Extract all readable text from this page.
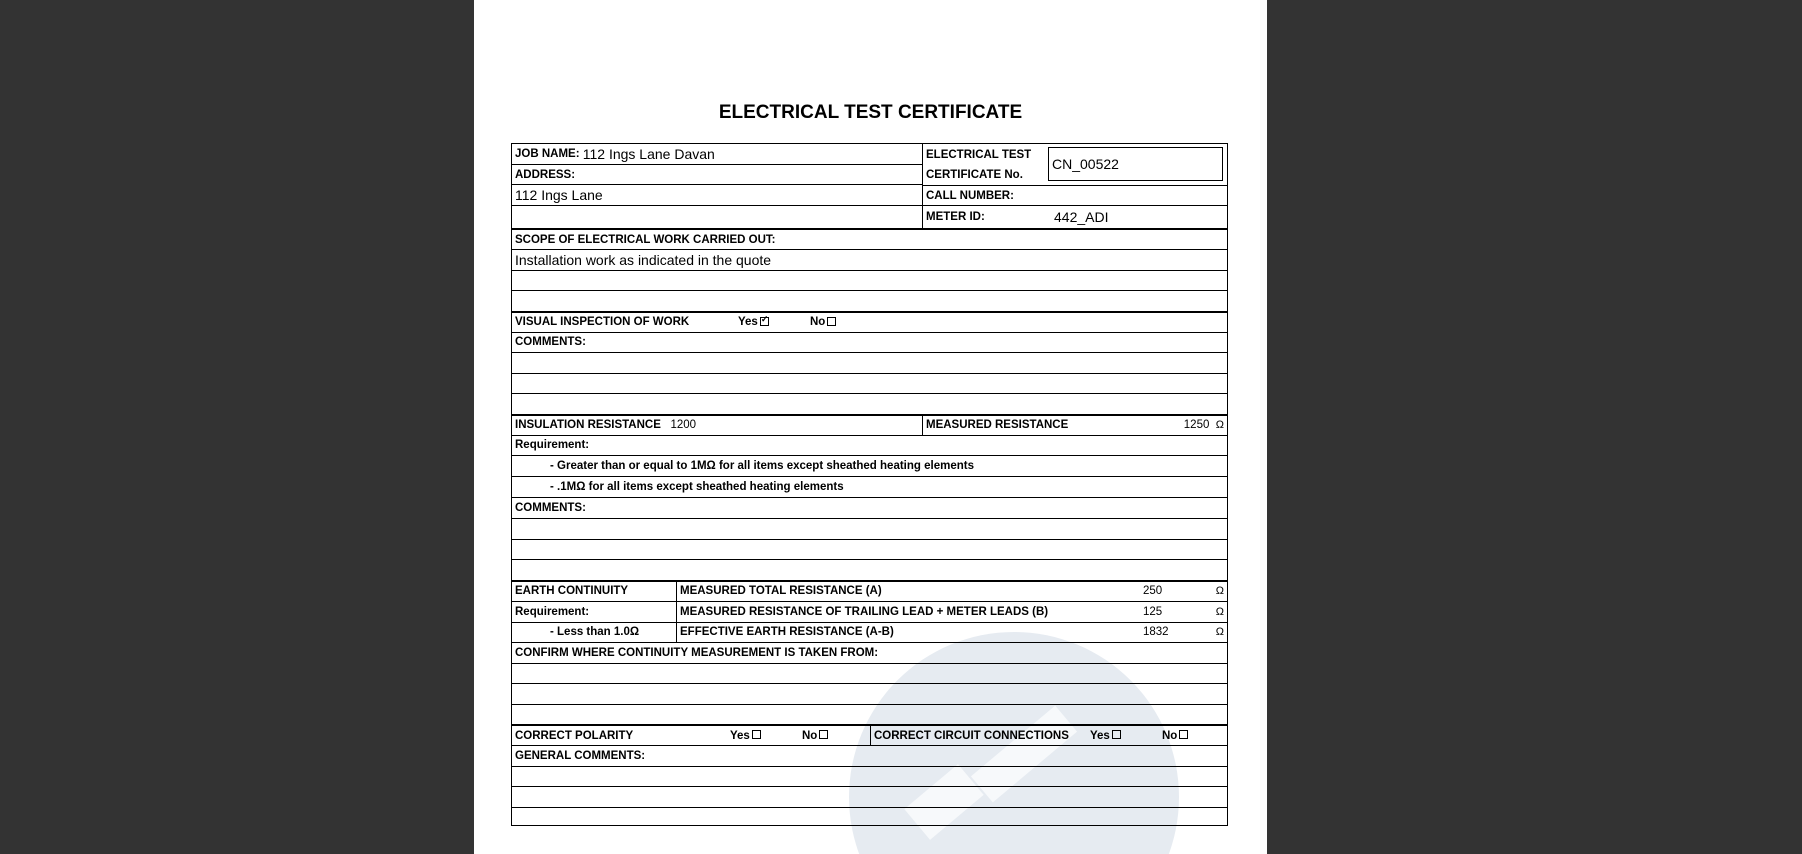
ELECTRICAL TEST CERTIFICATE
JOB NAME:
112 Ings Lane Davan
ADDRESS:
112 Ings Lane
ELECTRICAL TEST
CERTIFICATE No.
CN_00522
CALL NUMBER:
METER ID:	442_ADI
SCOPE OF ELECTRICAL WORK CARRIED OUT:
Installation work as indicated in the quote
VISUAL INSPECTION OF WORK	Yes
✓	No
COMMENTS:
INSULATION RESISTANCE
1200	MEASURED RESISTANCE	1250
Ω
Requirement:
- Greater than or equal to 1MΩ for all items except sheathed heating elements
- .1MΩ for all items except sheathed heating elements
COMMENTS:
EARTH CONTINUITY	MEASURED TOTAL RESISTANCE (A)	250	Ω
Requirement:	MEASURED RESISTANCE OF TRAILING LEAD + METER LEADS (B)	125	Ω
- Less than 1.0Ω	EFFECTIVE EARTH RESISTANCE (A-B)	1832	Ω
CONFIRM WHERE CONTINUITY MEASUREMENT IS TAKEN FROM:
CORRECT POLARITY	Yes	No	CORRECT CIRCUIT CONNECTIONS	Yes	No
GENERAL COMMENTS:
